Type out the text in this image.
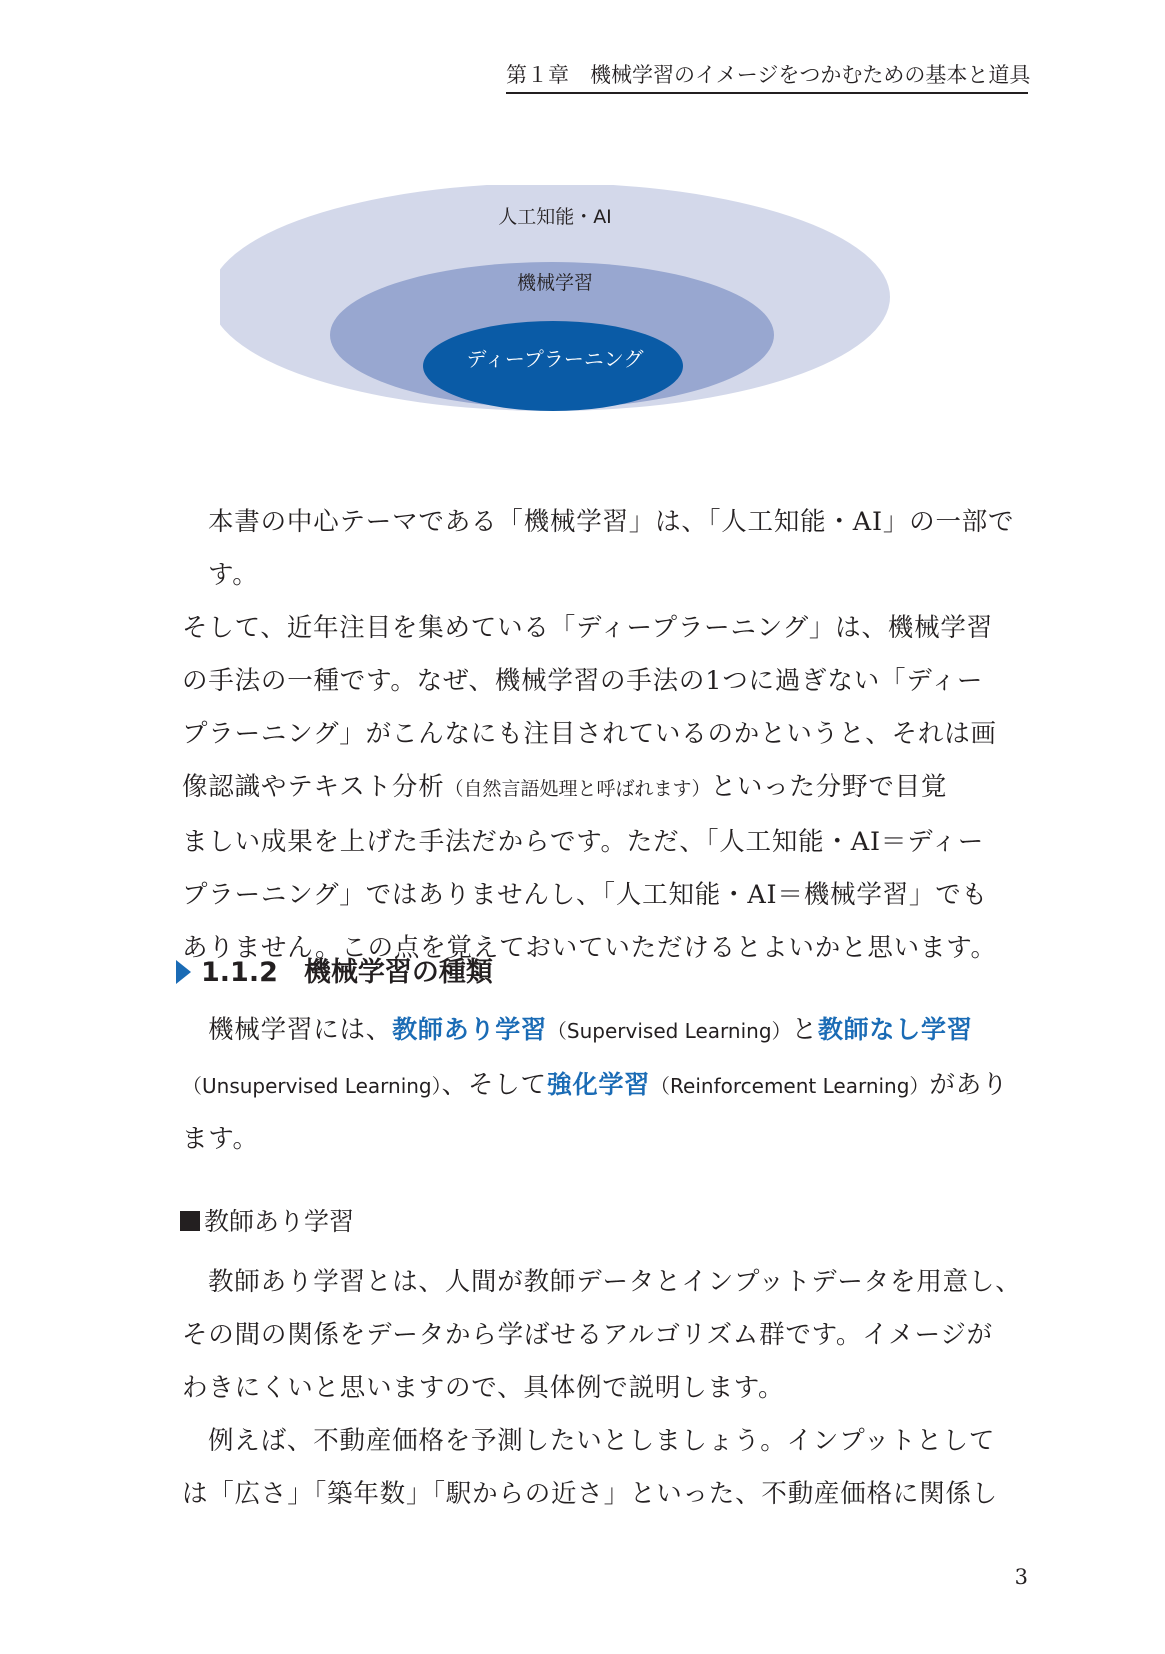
第１章　機械学習のイメージをつかむための基本と道具
人工知能・AI
機械学習
ディープラーニング

本書の中心テーマである「機械学習」は、「人工知能・AI」の一部です。

そして、近年注目を集めている「ディープラーニング」は、機械学習

の手法の一種です。なぜ、機械学習の手法の1つに過ぎない「ディー

プラーニング」がこんなにも注目されているのかというと、それは画

像認識やテキスト分析（自然言語処理と呼ばれます）といった分野で目覚

ましい成果を上げた手法だからです。ただ、「人工知能・AI＝ディー

プラーニング」ではありませんし、「人工知能・AI＝機械学習」でも

ありません。この点を覚えておいていただけるとよいかと思います。

1.1.2 機械学習の種類

機械学習には、教師あり学習（Supervised Learning）と教師なし学習

（Unsupervised Learning）、そして強化学習（Reinforcement Learning）があり

ます。

教師あり学習

教師あり学習とは、人間が教師データとインプットデータを用意し、

その間の関係をデータから学ばせるアルゴリズム群です。イメージが

わきにくいと思いますので、具体例で説明します。

例えば、不動産価格を予測したいとしましょう。インプットとして

は「広さ」「築年数」「駅からの近さ」といった、不動産価格に関係し

3
